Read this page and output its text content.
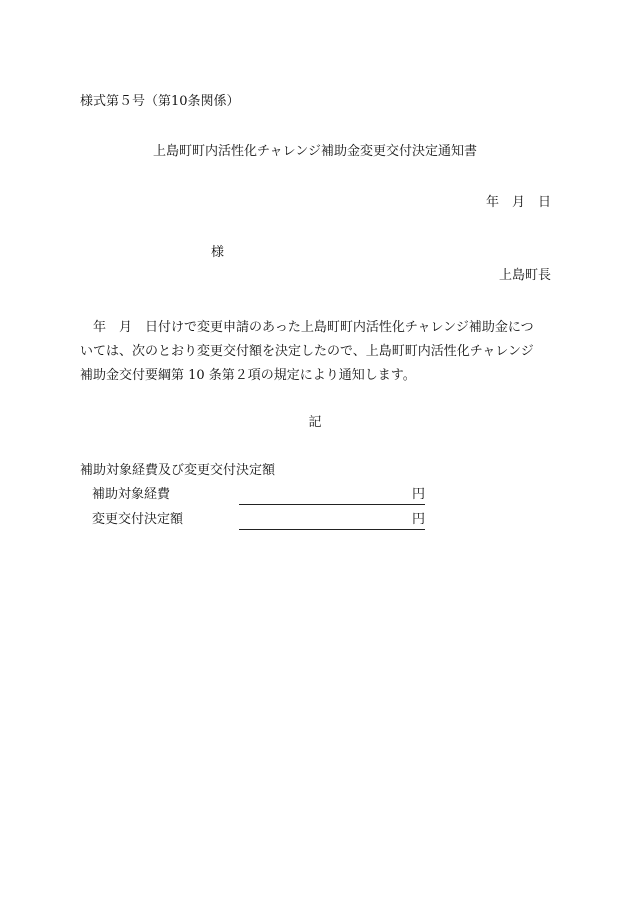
様式第５号（第10条関係）
上島町町内活性化チャレンジ補助金変更交付決定通知書
年　月　日
様
上島町長
　年　月　日付けで変更申請のあった上島町町内活性化チャレンジ補助金につ
いては、次のとおり変更交付額を決定したので、上島町町内活性化チャレンジ
補助金交付要綱第 10 条第２項の規定により通知します。
記
補助対象経費及び変更交付決定額
補助対象経費	円
変更交付決定額	円
